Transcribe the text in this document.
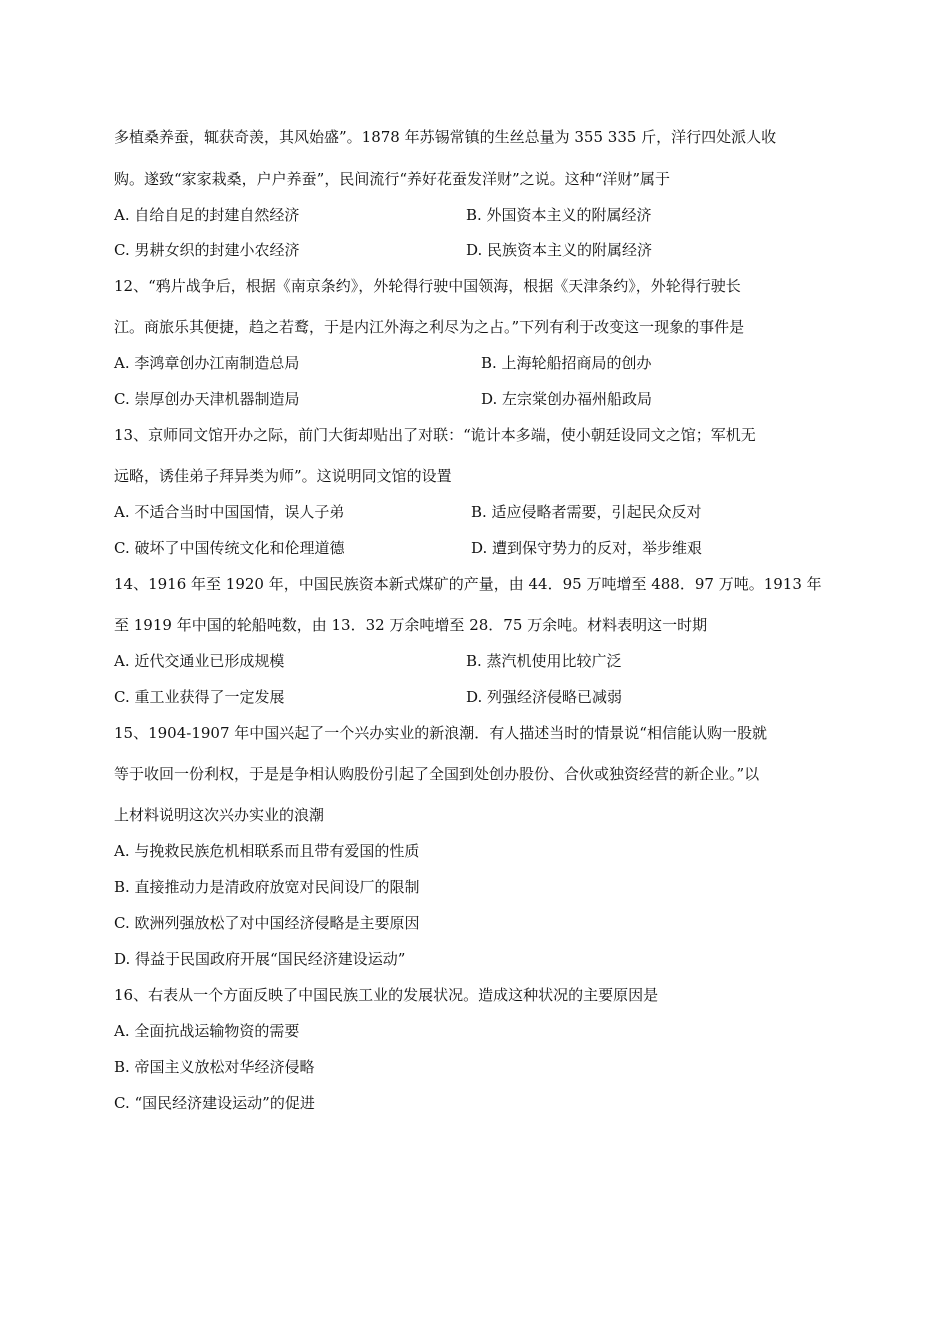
多植桑养蚕，辄获奇羡，其风始盛”。1878 年苏锡常镇的生丝总量为 355 335 斤，洋行四处派人收
购。遂致“家家栽桑，户户养蚕”，民间流行“养好花蚕发洋财”之说。这种“洋财”属于
A. 自给自足的封建自然经济	B. 外国资本主义的附属经济
C. 男耕女织的封建小农经济	D. 民族资本主义的附属经济
12、“鸦片战争后，根据《南京条约》，外轮得行驶中国领海，根据《天津条约》，外轮得行驶长
江。商旅乐其便捷，趋之若鹜，于是内江外海之利尽为之占。”下列有利于改变这一现象的事件是
A. 李鸿章创办江南制造总局	B. 上海轮船招商局的创办
C. 崇厚创办天津机器制造局	D. 左宗棠创办福州船政局
13、京师同文馆开办之际，前门大街却贴出了对联：“诡计本多端，使小朝廷设同文之馆；军机无
远略，诱佳弟子拜异类为师”。这说明同文馆的设置
A. 不适合当时中国国情，误人子弟	B. 适应侵略者需要，引起民众反对
C. 破坏了中国传统文化和伦理道德	D. 遭到保守势力的反对，举步维艰
14、1916 年至 1920 年，中国民族资本新式煤矿的产量，由 44．95 万吨增至 488．97 万吨。1913 年
至 1919 年中国的轮船吨数，由 13．32 万余吨增至 28．75 万余吨。材料表明这一时期
A. 近代交通业已形成规模	B. 蒸汽机使用比较广泛
C. 重工业获得了一定发展	D. 列强经济侵略已减弱
15、1904-1907 年中国兴起了一个兴办实业的新浪潮．有人描述当时的情景说“相信能认购一股就
等于收回一份利权，于是是争相认购股份引起了全国到处创办股份、合伙或独资经营的新企业。”以
上材料说明这次兴办实业的浪潮
A. 与挽救民族危机相联系而且带有爱国的性质
B. 直接推动力是清政府放宽对民间设厂的限制
C. 欧洲列强放松了对中国经济侵略是主要原因
D. 得益于民国政府开展“国民经济建设运动”
16、右表从一个方面反映了中国民族工业的发展状况。造成这种状况的主要原因是
A. 全面抗战运输物资的需要
B. 帝国主义放松对华经济侵略
C. “国民经济建设运动”的促进
